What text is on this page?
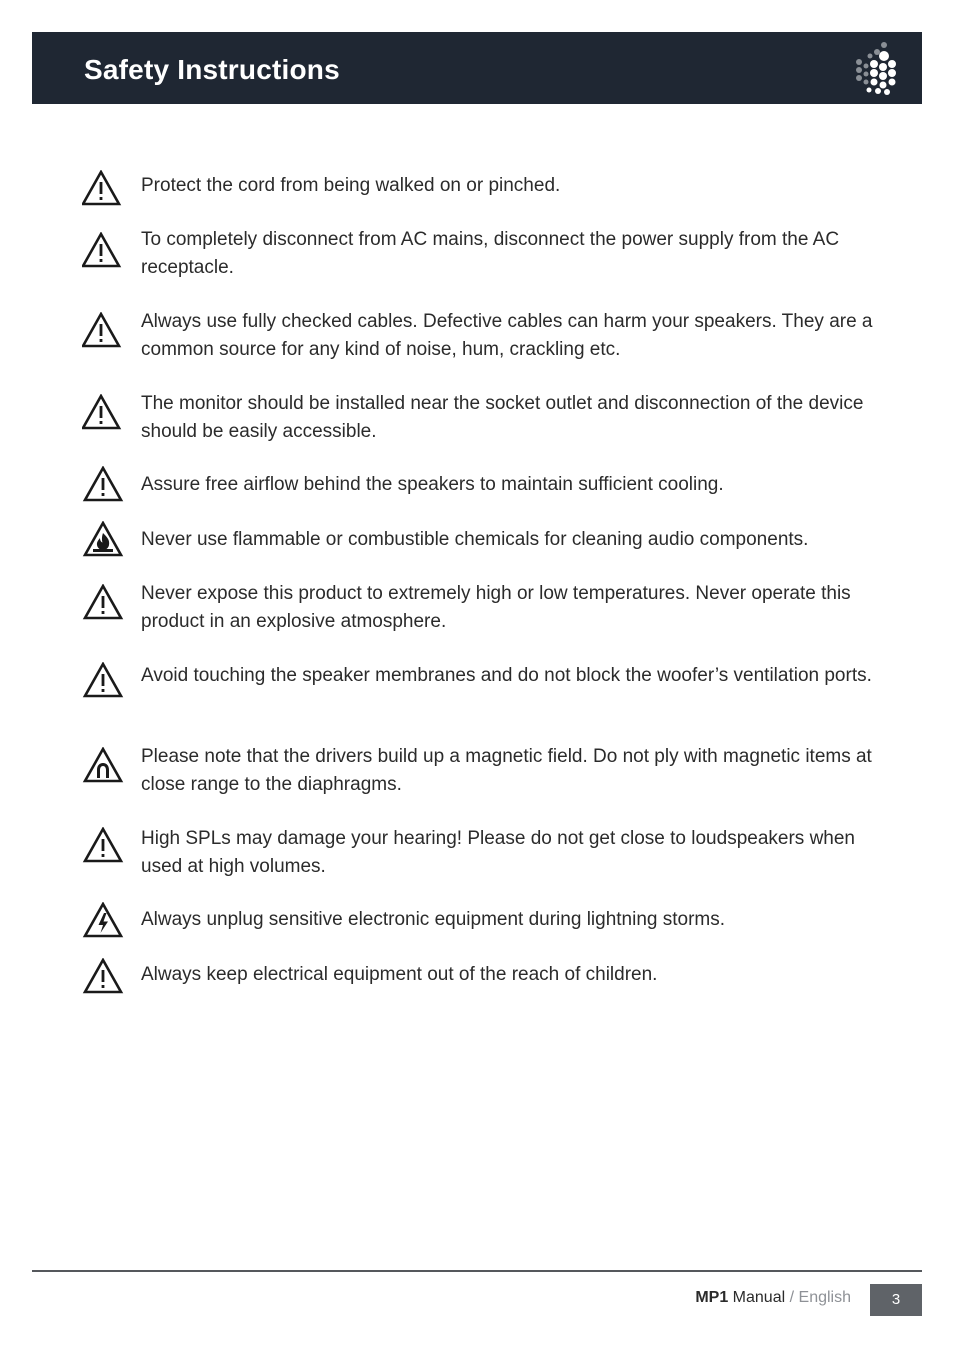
Safety Instructions
Protect the cord from being walked on or pinched.
To completely disconnect from AC mains, disconnect the power supply from the AC receptacle.
Always use fully checked cables. Defective cables can harm your speakers. They are a common source for any kind of noise, hum, crackling etc.
The monitor should be installed near the socket outlet and disconnection of the device should be easily accessible.
Assure free airflow behind the speakers to maintain sufficient cooling.
Never use flammable or combustible chemicals for cleaning audio components.
Never expose this product to extremely high or low temperatures. Never operate this product in an explosive atmosphere.
Avoid touching the speaker membranes and do not block the woofer’s ventilation ports.
Please note that the drivers build up a magnetic field. Do not ply with magnetic items at close range to the diaphragms.
High SPLs may damage your hearing! Please do not get close to loudspeakers when used at high volumes.
Always unplug sensitive electronic equipment during lightning storms.
Always keep electrical equipment out of the reach of children.
MP1 Manual / English	3
